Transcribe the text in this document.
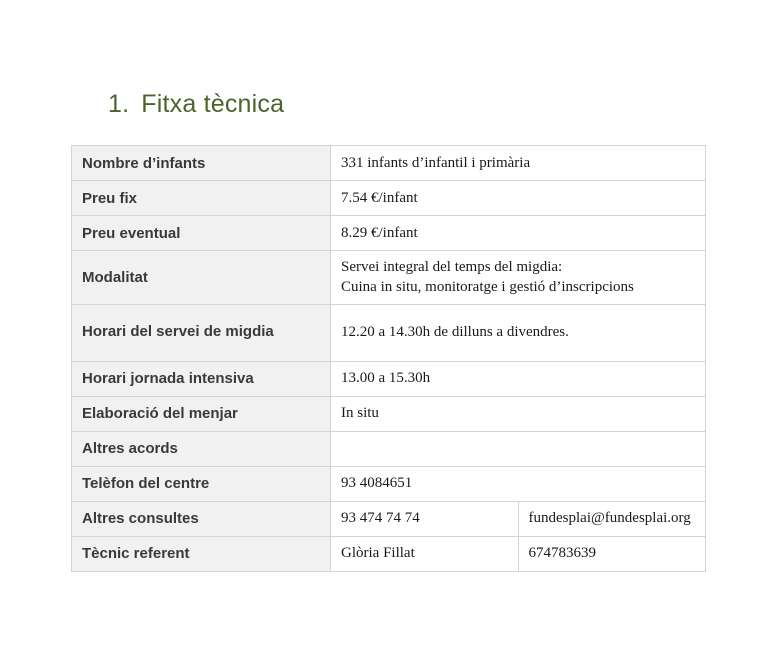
1. Fitxa tècnica
Nombre d’infants	331 infants d’infantil i primària	
Preu fix	7.54 €/infant	
Preu eventual	8.29 €/infant	
Modalitat	Servei integral del temps del migdia:
Cuina in situ, monitoratge i gestió d’inscripcions	

Horari del servei de migdia	12.20 a 14.30h de dilluns a divendres.	
Horari jornada intensiva	13.00 a 15.30h	
Elaboració del menjar	In situ	
Altres acords		
Telèfon del centre	93 4084651	
Altres consultes	93 474 74 74	fundesplai@fundesplai.org
Tècnic referent	Glòria Fillat	674783639
